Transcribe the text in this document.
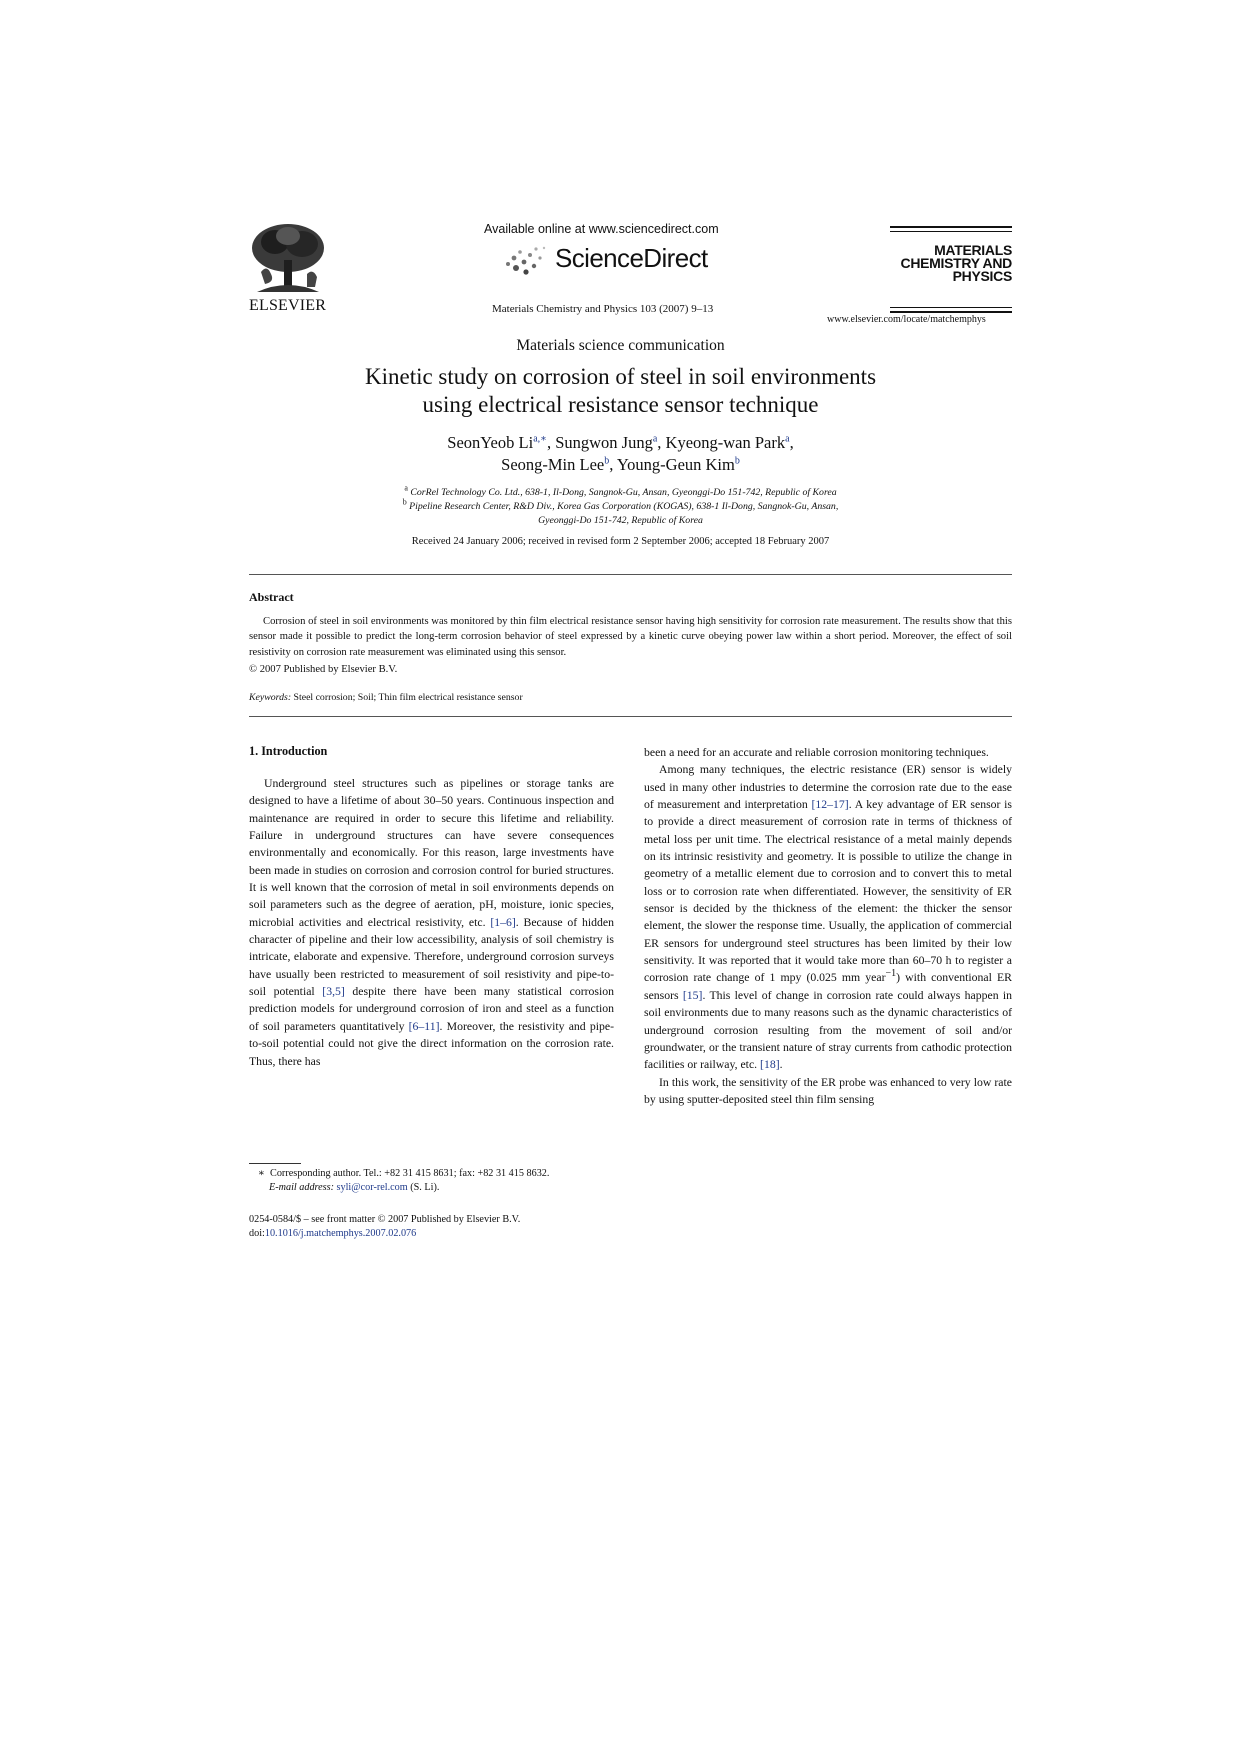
ELSEVIER
Available online at www.sciencedirect.com
ScienceDirect
Materials Chemistry and Physics 103 (2007) 9–13
MATERIALS
CHEMISTRY AND
PHYSICS
www.elsevier.com/locate/matchemphys
Materials science communication
Kinetic study on corrosion of steel in soil environments
using electrical resistance sensor technique
SeonYeob $Li^{a,∗}$, Sungwon Jung$^a$, Kyeong-wan Park$^a$,
Seong-Min Lee$^b$, Young-Geun Kim$^b$
$^a$ CorRel Technology Co. Ltd., 638-1, Il-Dong, Sangnok-Gu, Ansan, Gyeonggi-Do 151-742, Republic of Korea
$^b$ Pipeline Research Center, R&D Div., Korea Gas Corporation (KOGAS), 638-1 Il-Dong, Sangnok-Gu, Ansan,
Gyeonggi-Do 151-742, Republic of Korea
Received 24 January 2006; received in revised form 2 September 2006; accepted 18 February 2007
Abstract
Corrosion of steel in soil environments was monitored by thin film electrical resistance sensor having high sensitivity for corrosion rate measurement. The results show that this sensor made it possible to predict the long-term corrosion behavior of steel expressed by a kinetic curve obeying power law within a short period. Moreover, the effect of soil resistivity on corrosion rate measurement was eliminated using this sensor.
© 2007 Published by Elsevier B.V.
Keywords: Steel corrosion; Soil; Thin film electrical resistance sensor
1. Introduction
Underground steel structures such as pipelines or storage tanks are designed to have a lifetime of about 30–50 years. Continuous inspection and maintenance are required in order to secure this lifetime and reliability. Failure in underground structures can have severe consequences environmentally and economically. For this reason, large investments have been made in studies on corrosion and corrosion control for buried structures. It is well known that the corrosion of metal in soil environments depends on soil parameters such as the degree of aeration, pH, moisture, ionic species, microbial activities and electrical resistivity, etc. [1–6]. Because of hidden character of pipeline and their low accessibility, analysis of soil chemistry is intricate, elaborate and expensive. Therefore, underground corrosion surveys have usually been restricted to measurement of soil resistivity and pipe-to-soil potential [3,5] despite there have been many statistical corrosion prediction models for underground corrosion of iron and steel as a function of soil parameters quantitatively [6–11]. Moreover, the resistivity and pipe-to-soil potential could not give the direct information on the corrosion rate. Thus, there has

been a need for an accurate and reliable corrosion monitoring techniques.

Among many techniques, the electric resistance (ER) sensor is widely used in many other industries to determine the corrosion rate due to the ease of measurement and interpretation [12–17]. A key advantage of ER sensor is to provide a direct measurement of corrosion rate in terms of thickness of metal loss per unit time. The electrical resistance of a metal mainly depends on its intrinsic resistivity and geometry. It is possible to utilize the change in geometry of a metallic element due to corrosion and to convert this to metal loss or to corrosion rate when differentiated. However, the sensitivity of ER sensor is decided by the thickness of the element: the thicker the sensor element, the slower the response time. Usually, the application of commercial ER sensors for underground steel structures has been limited by their low sensitivity. It was reported that it would take more than 60–70 h to register a corrosion rate change of 1 mpy (0.025 mm year$^{-1}$) with conventional ER sensors [15]. This level of change in corrosion rate could always happen in soil environments due to many reasons such as the dynamic characteristics of underground corrosion resulting from the movement of soil and/or groundwater, or the transient nature of stray currents from cathodic protection facilities or railway, etc. [18].

In this work, the sensitivity of the ER probe was enhanced to very low rate by using sputter-deposited steel thin film sensing

∗ Corresponding author. Tel.: +82 31 415 8631; fax: +82 31 415 8632.
E-mail address: syli@cor-rel.com (S. Li).
0254-0584/$ – see front matter © 2007 Published by Elsevier B.V.
doi:10.1016/j.matchemphys.2007.02.076
